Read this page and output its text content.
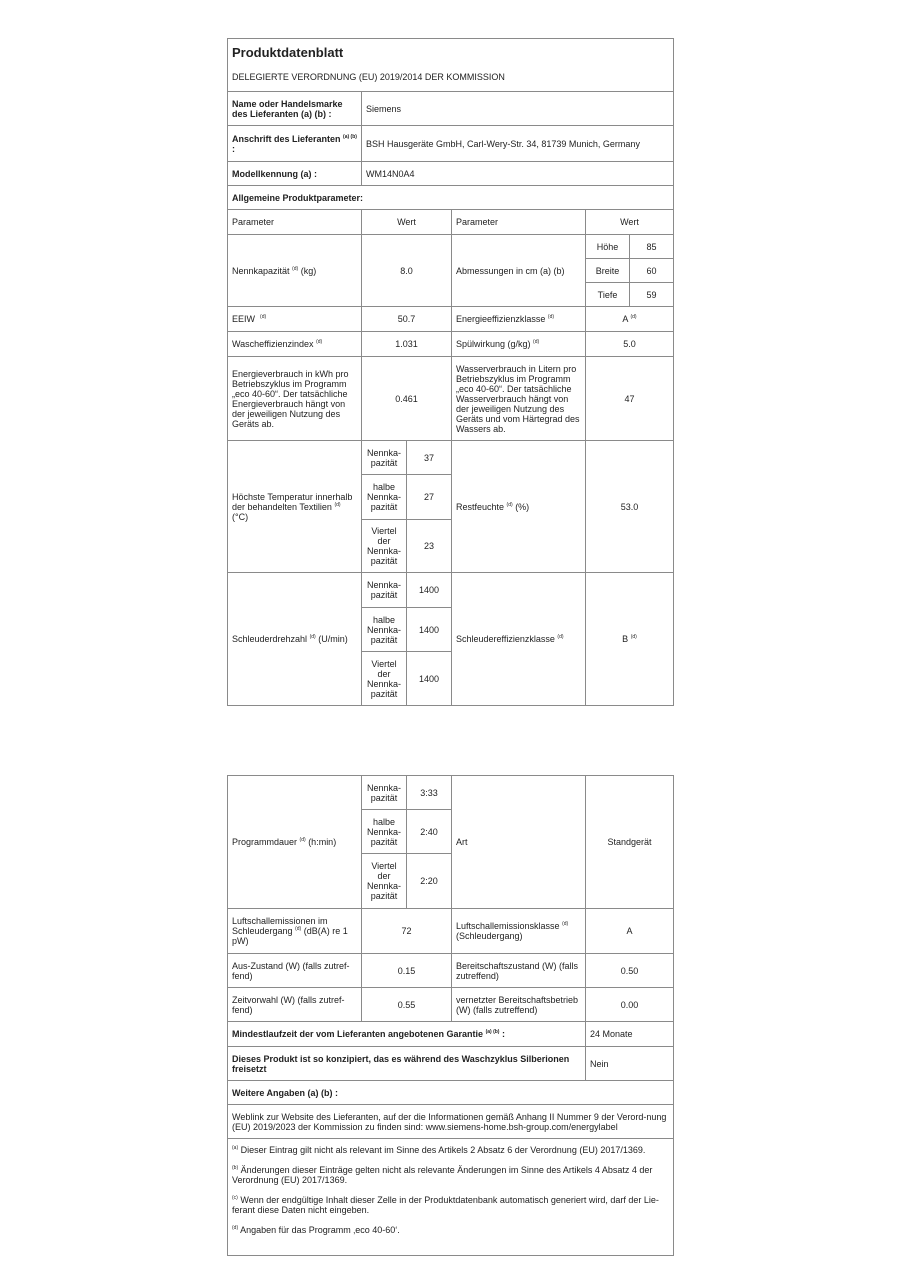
Produktdatenblatt
DELEGIERTE VERORDNUNG (EU) 2019/2014 DER KOMMISSION					

Name oder Handelsmarke des Lieferanten (a) (b) :	Siemens				
Anschrift des Lieferanten $^{(a) (b)}$ :	BSH Hausgeräte GmbH, Carl-Wery-Str. 34, 81739 Munich, Germany				
Modellkennung (a) :	WM14N0A4				
Allgemeine Produktparameter:					
Parameter	Wert		Parameter	Wert	
Nennkapazität $^{(d)}$ (kg)	8.0		Abmessungen in cm (a) (b)	Höhe	85
				Breite	60
				Tiefe	59
EEIW $^{(d)}$	50.7		Energieeffizienzklasse $^{(d)}$	A $^{(d)}$
Wascheffizienzindex $^{(d)}$	1.031		Spülwirkung (g/kg) $^{(d)}$	5.0	
Energieverbrauch in kWh pro Betriebszyklus im Programm „eco 40-60“. Der tatsächliche Energieverbrauch hängt von der jeweiligen Nutzung des Geräts ab.	0.461		Wasserverbrauch in Litern pro Betriebszyklus im Programm „eco 40-60“. Der tatsächliche Wasserverbrauch hängt von der jeweiligen Nutzung des Geräts und vom Härtegrad des Wassers ab.	47	
Höchste Temperatur innerhalb der behandelten Textilien $^{(d)}$ (°C)	Nennka-pazität	37	Restfeuchte $^{(d)}$ (%)	53.0	
	halbe Nennka-pazität	27			
	Viertel der Nennka-pazität	23			
Schleuderdrehzahl $^{(d)}$ (U/min)	Nennka-pazität	1400	Schleudereffizienzklasse $^{(d)}$	B $^{(d)}$
	halbe Nennka-pazität	1400			
	Viertel der Nennka-pazität	1400			
Programmdauer $^{(d)}$ (h:min)	Nennka-pazität	3:33	Art	Standgerät
	halbe Nennka-pazität	2:40		
	Viertel der Nennka-pazität	2:20		
Luftschallemissionen im Schleudergang $^{(d)}$ (dB(A) re 1 pW)	72		Luftschallemissionsklasse $^{(d)}$ (Schleudergang)	A
Aus-Zustand (W) (falls zutref-fend)	0.15		Bereitschaftszustand (W) (falls zutreffend)	0.50
Zeitvorwahl (W) (falls zutref-fend)	0.55		vernetzter Bereitschaftsbetrieb (W) (falls zutreffend)	0.00
Mindestlaufzeit der vom Lieferanten angebotenen Garantie $^{(a) (b)}$ :				24 Monate
Dieses Produkt ist so konzipiert, das es während des Waschzyklus Silberionen freisetzt				Nein
Weitere Angaben (a) (b) :				
Weblink zur Website des Lieferanten, auf der die Informationen gemäß Anhang II Nummer 9 der Verord-nung (EU) 2019/2023 der Kommission zu finden sind: www.siemens-home.bsh-group.com/energylabel				

$^{(a)}$ Dieser Eintrag gilt nicht als relevant im Sinne des Artikels 2 Absatz 6 der Verordnung (EU) 2017/1369.
$^{(b)}$ Änderungen dieser Einträge gelten nicht als relevante Änderungen im Sinne des Artikels 4 Absatz 4 der Verordnung (EU) 2017/1369.
$^{(c)}$ Wenn der endgültige Inhalt dieser Zelle in der Produktdatenbank automatisch generiert wird, darf der Lie-ferant diese Daten nicht eingeben.
$^{(d)}$ Angaben für das Programm ‚eco 40-60‘.				
